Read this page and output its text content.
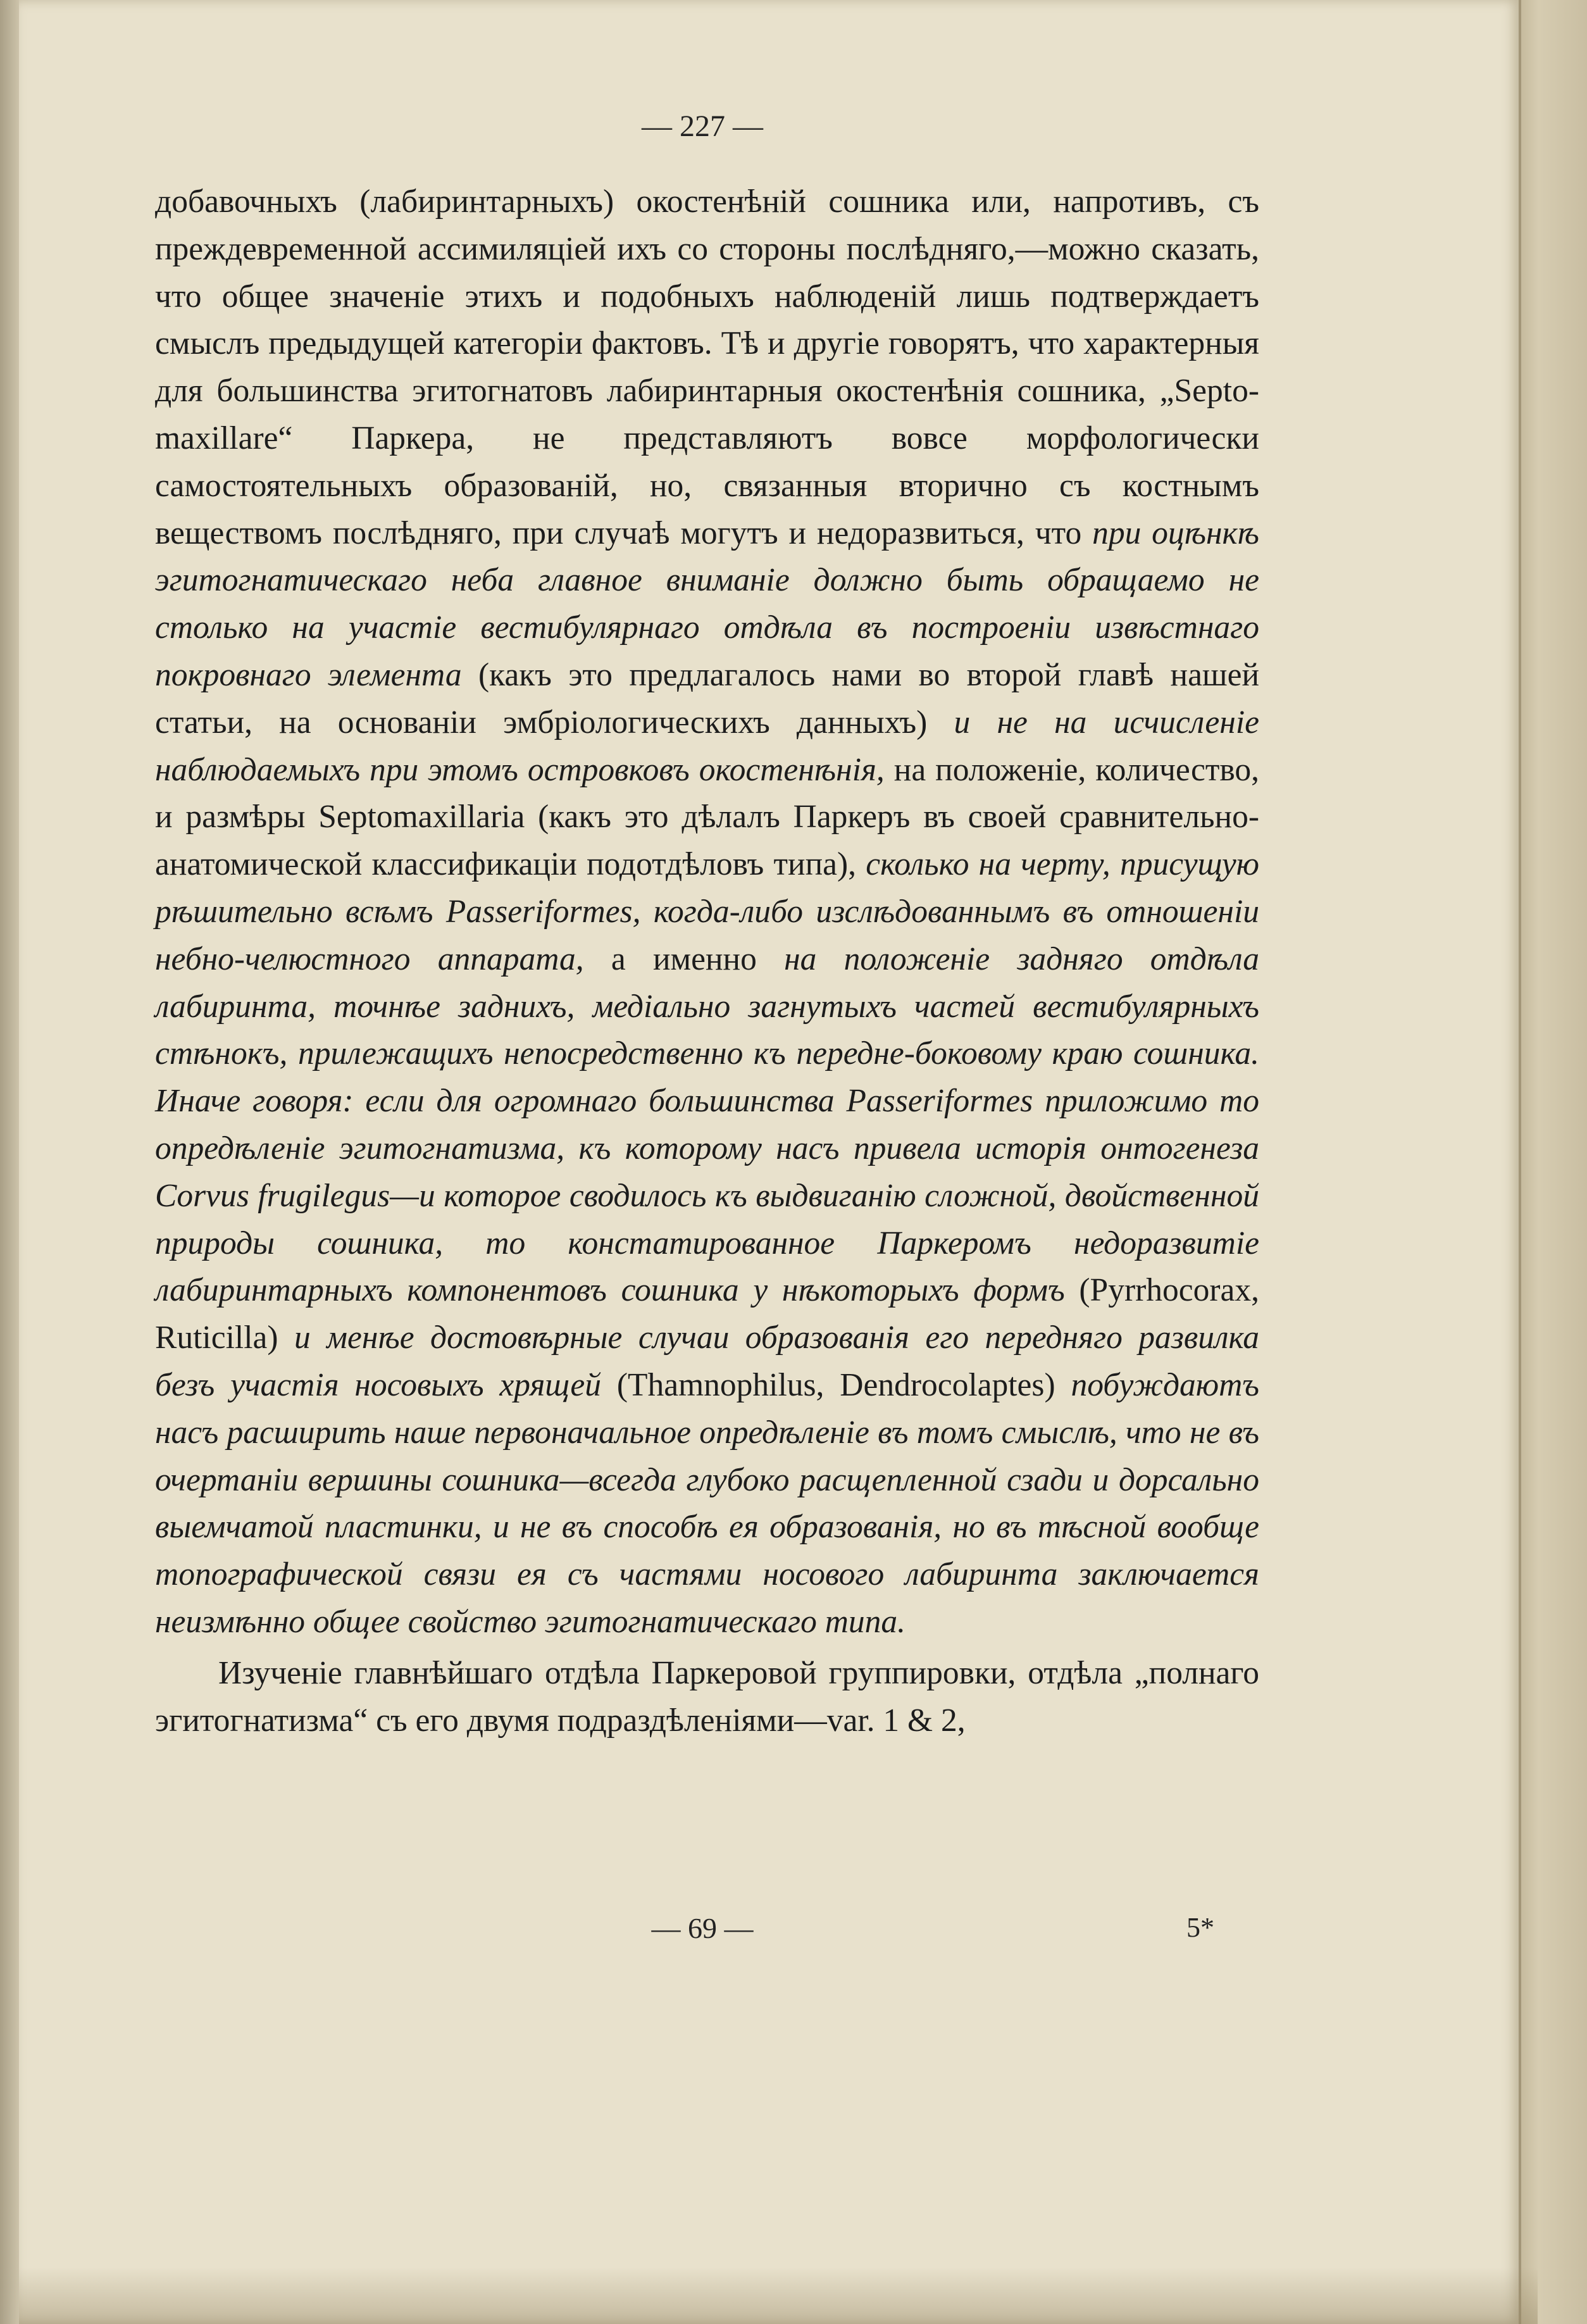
— 227 —

добавочныхъ (лабиринтарныхъ) окостенѣній сошника или, напротивъ, съ преждевременной ассимиляціей ихъ со стороны послѣдняго,—можно сказать, что общее значеніе этихъ и подобныхъ наблюденій лишь подтверждаетъ смыслъ предыдущей категоріи фактовъ. Тѣ и другіе говорятъ, что характерныя для большинства эгитогнатовъ лабиринтарныя окостенѣнія сошника, „Septo-maxillare“ Паркера, не представляютъ вовсе морфологически самостоятельныхъ образованій, но, связанныя вторично съ костнымъ веществомъ послѣдняго, при случаѣ могутъ и недоразвиться, что при оцѣнкѣ эгитогнатическаго неба главное вниманіе должно быть обращаемо не столько на участіе вестибулярнаго отдѣла въ построеніи извѣстнаго покровнаго элемента (какъ это предлагалось нами во второй главѣ нашей статьи, на основаніи эмбріологическихъ данныхъ) и не на исчисленіе наблюдаемыхъ при этомъ островковъ окостенѣнія, на положеніе, количество, и размѣры Septomaxillaria (какъ это дѣлалъ Паркеръ въ своей сравнительно-анатомической классификаціи подотдѣловъ типа), сколько на черту, присущую рѣшительно всѣмъ Passeriformes, когда-либо изслѣдованнымъ въ отношеніи небно-челюстного аппарата, а именно на положеніе задняго отдѣла лабиринта, точнѣе заднихъ, медіально загнутыхъ частей вестибулярныхъ стѣнокъ, прилежащихъ непосредственно къ передне-боковому краю сошника. Иначе говоря: если для огромнаго большинства Passeriformes приложимо то опредѣленіе эгитогнатизма, къ которому насъ привела исторія онтогенеза Corvus frugilegus—и которое сводилось къ выдвиганію сложной, двойственной природы сошника, то констатированное Паркеромъ недоразвитіе лабиринтарныхъ компонентовъ сошника у нѣкоторыхъ формъ (Pyrrhocorax, Ruticilla) и менѣе достовѣрные случаи образованія его передняго развилка безъ участія носовыхъ хрящей (Thamnophilus, Dendrocolaptes) побуждаютъ насъ расширить наше первоначальное опредѣленіе въ томъ смыслѣ, что не въ очертаніи вершины сошника—всегда глубоко расщепленной сзади и дорсально выемчатой пластинки, и не въ способѣ ея образованія, но въ тѣсной вообще топографической связи ея съ частями носового лабиринта заключается неизмѣнно общее свойство эгитогнатическаго типа.

Изученіе главнѣйшаго отдѣла Паркеровой группировки, отдѣла „полнаго эгитогнатизма“ съ его двумя подраздѣленіями—var. 1 & 2,

— 69 —	5*
